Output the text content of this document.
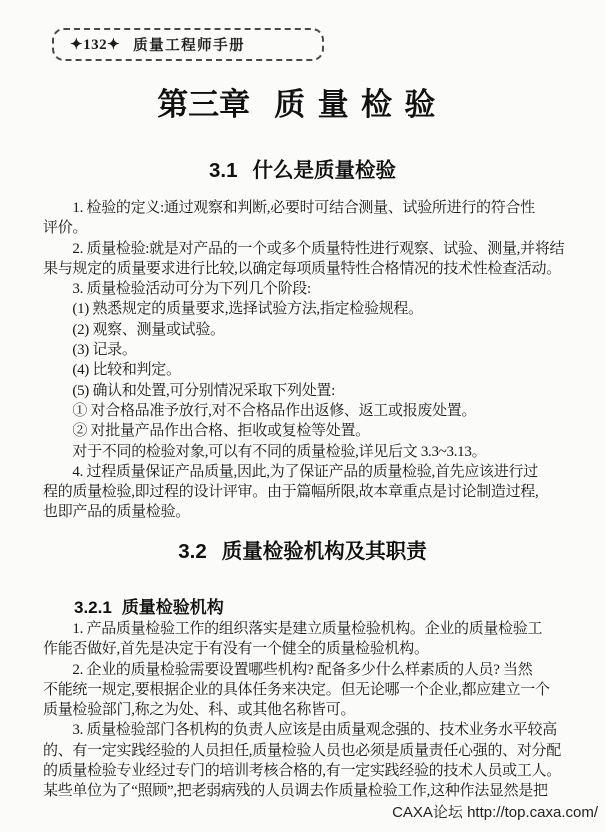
✦132✦ 质量工程师手册
第三章 质量检验
3.1 什么是质量检验
　　1. 检验的定义:通过观察和判断,必要时可结合测量、试验所进行的符合性
评价。
　　2. 质量检验:就是对产品的一个或多个质量特性进行观察、试验、测量,并将结
果与规定的质量要求进行比较,以确定每项质量特性合格情况的技术性检查活动。
　　3. 质量检验活动可分为下列几个阶段:
　　(1) 熟悉规定的质量要求,选择试验方法,指定检验规程。
　　(2) 观察、测量或试验。
　　(3) 记录。
　　(4) 比较和判定。
　　(5) 确认和处置,可分别情况采取下列处置:
　　① 对合格品准予放行,对不合格品作出返修、返工或报废处置。
　　② 对批量产品作出合格、拒收或复检等处置。
　　对于不同的检验对象,可以有不同的质量检验,详见后文 3.3~3.13。
　　4. 过程质量保证产品质量,因此,为了保证产品的质量检验,首先应该进行过
程的质量检验,即过程的设计评审。由于篇幅所限,故本章重点是讨论制造过程,
也即产品的质量检验。
3.2 质量检验机构及其职责
3.2.1 质量检验机构
　　1. 产品质量检验工作的组织落实是建立质量检验机构。企业的质量检验工
作能否做好,首先是决定于有没有一个健全的质量检验机构。
　　2. 企业的质量检验需要设置哪些机构? 配备多少什么样素质的人员? 当然
不能统一规定,要根据企业的具体任务来决定。但无论哪一个企业,都应建立一个
质量检验部门,称之为处、科、或其他名称皆可。
　　3. 质量检验部门各机构的负责人应该是由质量观念强的、技术业务水平较高
的、有一定实践经验的人员担任,质量检验人员也必须是质量责任心强的、对分配
的质量检验专业经过专门的培训考核合格的,有一定实践经验的技术人员或工人。
某些单位为了“照顾”,把老弱病残的人员调去作质量检验工作,这种作法显然是把
CAXA论坛 http://top.caxa.com/
